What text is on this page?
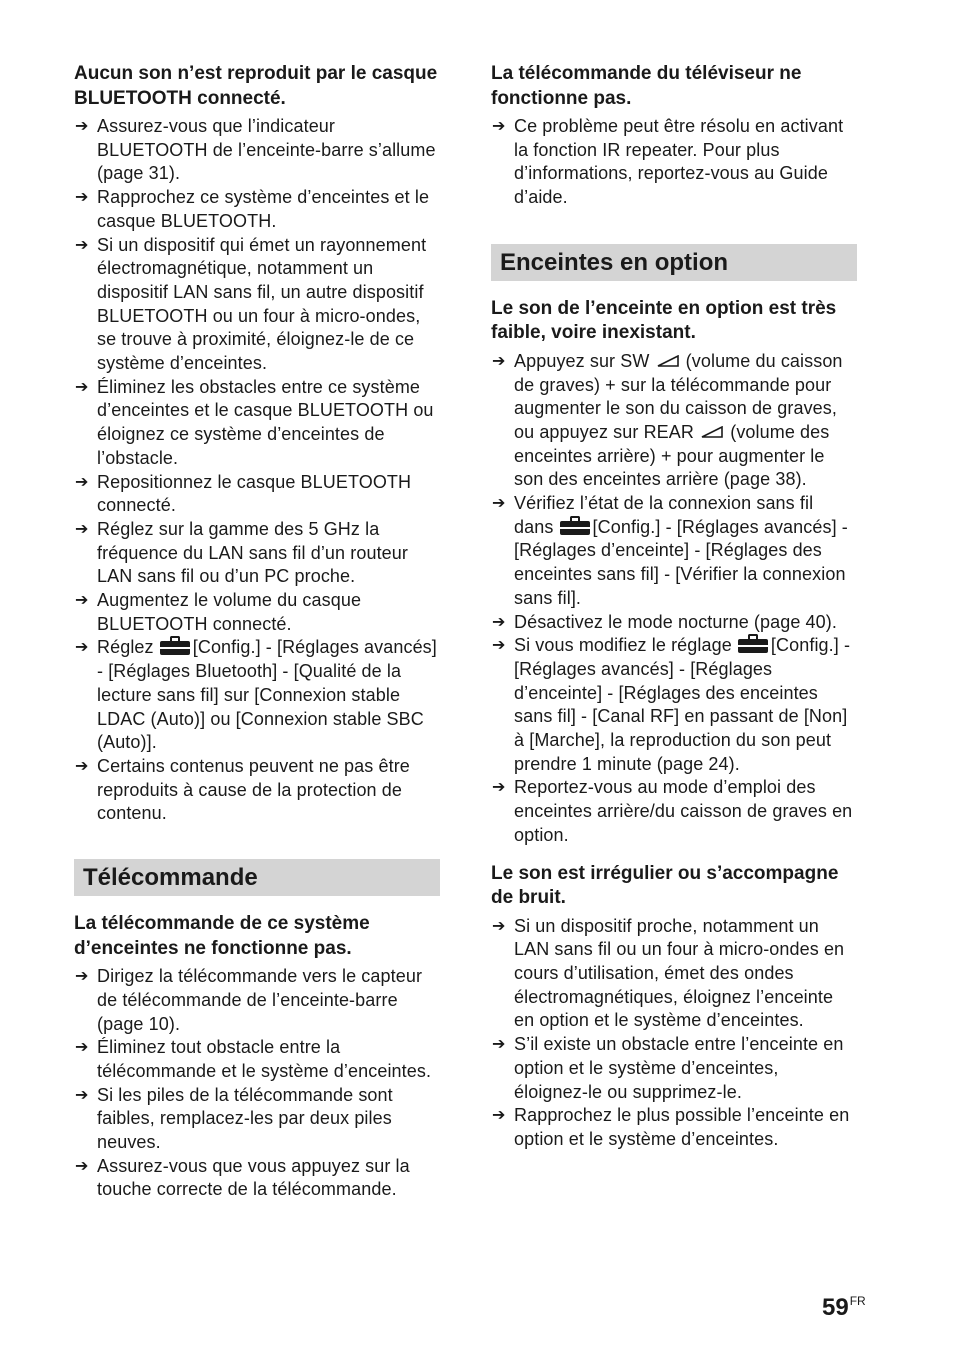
Aucun son n’est reproduit par le casque BLUETOOTH connecté.
➔ Assurez-vous que l’indicateur BLUETOOTH de l’enceinte-barre s’allume (page 31).
➔ Rapprochez ce système d’enceintes et le casque BLUETOOTH.
➔ Si un dispositif qui émet un rayonnement électromagnétique, notamment un dispositif LAN sans fil, un autre dispositif BLUETOOTH ou un four à micro-ondes, se trouve à proximité, éloignez-le de ce système d’enceintes.
➔ Éliminez les obstacles entre ce système d’enceintes et le casque BLUETOOTH ou éloignez ce système d’enceintes de l’obstacle.
➔ Repositionnez le casque BLUETOOTH connecté.
➔ Réglez sur la gamme des 5 GHz la fréquence du LAN sans fil d’un routeur LAN sans fil ou d’un PC proche.
➔ Augmentez le volume du casque BLUETOOTH connecté.
➔ Réglez [Config.] - [Réglages avancés] - [Réglages Bluetooth] - [Qualité de la lecture sans fil] sur [Connexion stable LDAC (Auto)] ou [Connexion stable SBC (Auto)].
➔ Certains contenus peuvent ne pas être reproduits à cause de la protection de contenu.
Télécommande
La télécommande de ce système d’enceintes ne fonctionne pas.
➔ Dirigez la télécommande vers le capteur de télécommande de l’enceinte-barre (page 10).
➔ Éliminez tout obstacle entre la télécommande et le système d’enceintes.
➔ Si les piles de la télécommande sont faibles, remplacez-les par deux piles neuves.
➔ Assurez-vous que vous appuyez sur la touche correcte de la télécommande.
La télécommande du téléviseur ne fonctionne pas.
➔ Ce problème peut être résolu en activant la fonction IR repeater. Pour plus d’informations, reportez-vous au Guide d’aide.
Enceintes en option
Le son de l’enceinte en option est très faible, voire inexistant.
➔ Appuyez sur SW (volume du caisson de graves) + sur la télécommande pour augmenter le son du caisson de graves, ou appuyez sur REAR (volume des enceintes arrière) + pour augmenter le son des enceintes arrière (page 38).
➔ Vérifiez l’état de la connexion sans fil dans [Config.] - [Réglages avancés] - [Réglages d’enceinte] - [Réglages des enceintes sans fil] - [Vérifier la connexion sans fil].
➔ Désactivez le mode nocturne (page 40).
➔ Si vous modifiez le réglage [Config.] - [Réglages avancés] - [Réglages d’enceinte] - [Réglages des enceintes sans fil] - [Canal RF] en passant de [Non] à [Marche], la reproduction du son peut prendre 1 minute (page 24).
➔ Reportez-vous au mode d’emploi des enceintes arrière/du caisson de graves en option.
Le son est irrégulier ou s’accompagne de bruit.
➔ Si un dispositif proche, notamment un LAN sans fil ou un four à micro-ondes en cours d’utilisation, émet des ondes électromagnétiques, éloignez l’enceinte en option et le système d’enceintes.
➔ S’il existe un obstacle entre l’enceinte en option et le système d’enceintes, éloignez-le ou supprimez-le.
➔ Rapprochez le plus possible l’enceinte en option et le système d’enceintes.
$59^{FR}$
